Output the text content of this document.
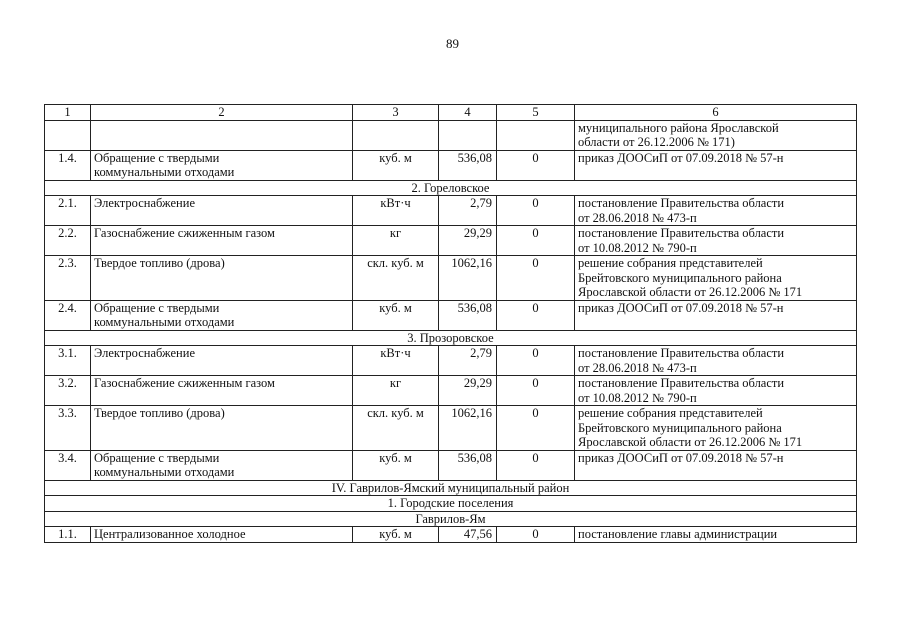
89
1	2	3	4	5	6

					муниципального района Ярославской
области от 26.12.2006 № 171)

1.4.	Обращение с твердыми
коммунальными отходами	куб. м	536,08	0	приказ ДООСиП от 07.09.2018 № 57-н

2. Гореловское					
2.1.	Электроснабжение	кВт·ч	2,79	0	постановление Правительства области
от 28.06.2018 № 473-п

2.2.	Газоснабжение сжиженным газом	кг	29,29	0	постановление Правительства области
от 10.08.2012 № 790-п

2.3.	Твердое топливо (дрова)	скл. куб. м	1062,16	0	решение собрания представителей
Брейтовского муниципального района
Ярославской области от 26.12.2006 № 171

2.4.	Обращение с твердыми
коммунальными отходами	куб. м	536,08	0	приказ ДООСиП от 07.09.2018 № 57-н

3. Прозоровское					
3.1.	Электроснабжение	кВт·ч	2,79	0	постановление Правительства области
от 28.06.2018 № 473-п

3.2.	Газоснабжение сжиженным газом	кг	29,29	0	постановление Правительства области
от 10.08.2012 № 790-п

3.3.	Твердое топливо (дрова)	скл. куб. м	1062,16	0	решение собрания представителей
Брейтовского муниципального района
Ярославской области от 26.12.2006 № 171

3.4.	Обращение с твердыми
коммунальными отходами	куб. м	536,08	0	приказ ДООСиП от 07.09.2018 № 57-н

IV. Гаврилов-Ямский муниципальный район					
1. Городские поселения					
Гаврилов-Ям					
1.1.	Централизованное холодное	куб. м	47,56	0	постановление главы администрации
